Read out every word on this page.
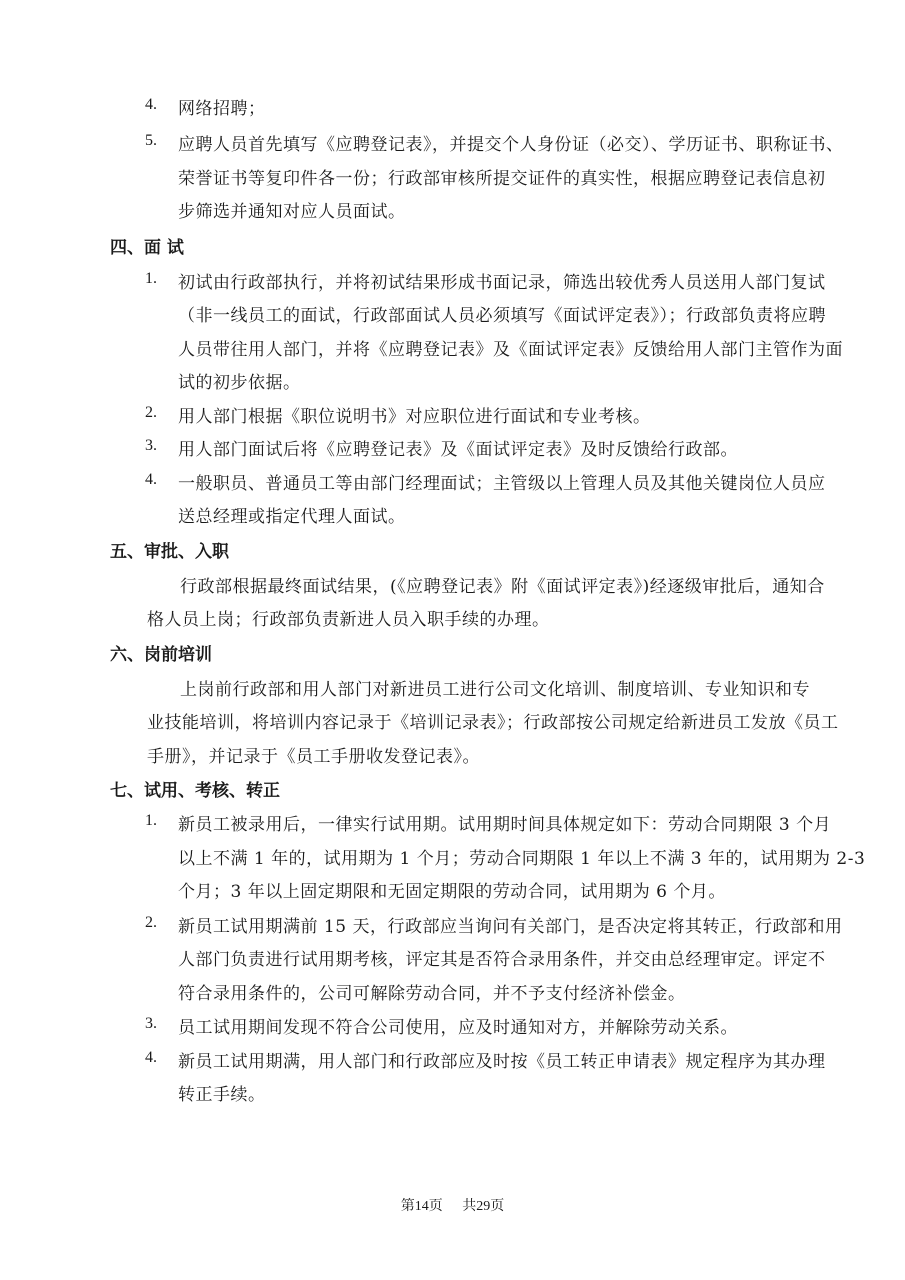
4. 网络招聘；
5. 应聘人员首先填写《应聘登记表》，并提交个人身份证（必交）、学历证书、职称证书、
荣誉证书等复印件各一份；行政部审核所提交证件的真实性，根据应聘登记表信息初
步筛选并通知对应人员面试。
四、面 试
1. 初试由行政部执行，并将初试结果形成书面记录，筛选出较优秀人员送用人部门复试
（非一线员工的面试，行政部面试人员必须填写《面试评定表》）；行政部负责将应聘
人员带往用人部门，并将《应聘登记表》及《面试评定表》反馈给用人部门主管作为面
试的初步依据。
2. 用人部门根据《职位说明书》对应职位进行面试和专业考核。
3. 用人部门面试后将《应聘登记表》及《面试评定表》及时反馈给行政部。
4. 一般职员、普通员工等由部门经理面试；主管级以上管理人员及其他关键岗位人员应
送总经理或指定代理人面试。
五、审批、入职
行政部根据最终面试结果，(《应聘登记表》附《面试评定表》)经逐级审批后，通知合
格人员上岗；行政部负责新进人员入职手续的办理。
六、岗前培训
上岗前行政部和用人部门对新进员工进行公司文化培训、制度培训、专业知识和专
业技能培训，将培训内容记录于《培训记录表》；行政部按公司规定给新进员工发放《员工
手册》，并记录于《员工手册收发登记表》。
七、试用、考核、转正
1. 新员工被录用后，一律实行试用期。试用期时间具体规定如下：劳动合同期限 3 个月
以上不满 1 年的，试用期为 1 个月；劳动合同期限 1 年以上不满 3 年的，试用期为 2-3
个月；3 年以上固定期限和无固定期限的劳动合同，试用期为 6 个月。
2. 新员工试用期满前 15 天，行政部应当询问有关部门，是否决定将其转正，行政部和用
人部门负责进行试用期考核，评定其是否符合录用条件，并交由总经理审定。评定不
符合录用条件的，公司可解除劳动合同，并不予支付经济补偿金。
3. 员工试用期间发现不符合公司使用，应及时通知对方，并解除劳动关系。
4. 新员工试用期满，用人部门和行政部应及时按《员工转正申请表》规定程序为其办理
转正手续。
第14页 共29页
